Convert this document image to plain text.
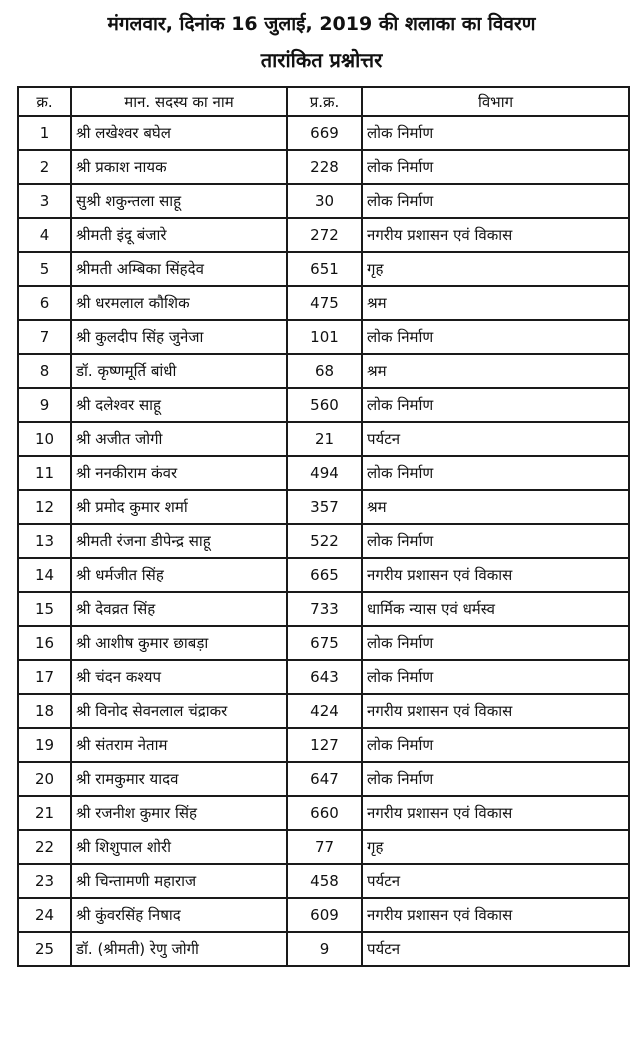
मंगलवार, दिनांक 16 जुलाई, 2019 की शलाका का विवरण
तारांकित प्रश्नोत्तर
क्र.	मान. सदस्य का नाम	प्र.क्र.	विभाग
1	श्री लखेश्वर बघेल	669	लोक निर्माण
2	श्री प्रकाश नायक	228	लोक निर्माण
3	सुश्री शकुन्तला साहू	30	लोक निर्माण
4	श्रीमती इंदू बंजारे	272	नगरीय प्रशासन एवं विकास
5	श्रीमती अम्बिका सिंहदेव	651	गृह
6	श्री धरमलाल कौशिक	475	श्रम
7	श्री कुलदीप सिंह जुनेजा	101	लोक निर्माण
8	डॉ. कृष्णमूर्ति बांधी	68	श्रम
9	श्री दलेश्वर साहू	560	लोक निर्माण
10	श्री अजीत जोगी	21	पर्यटन
11	श्री ननकीराम कंवर	494	लोक निर्माण
12	श्री प्रमोद कुमार शर्मा	357	श्रम
13	श्रीमती रंजना डीपेन्द्र साहू	522	लोक निर्माण
14	श्री धर्मजीत सिंह	665	नगरीय प्रशासन एवं विकास
15	श्री देवव्रत सिंह	733	धार्मिक न्यास एवं धर्मस्व
16	श्री आशीष कुमार छाबड़ा	675	लोक निर्माण
17	श्री चंदन कश्यप	643	लोक निर्माण
18	श्री विनोद सेवनलाल चंद्राकर	424	नगरीय प्रशासन एवं विकास
19	श्री संतराम नेताम	127	लोक निर्माण
20	श्री रामकुमार यादव	647	लोक निर्माण
21	श्री रजनीश कुमार सिंह	660	नगरीय प्रशासन एवं विकास
22	श्री शिशुपाल शोरी	77	गृह
23	श्री चिन्तामणी महाराज	458	पर्यटन
24	श्री कुंवरसिंह निषाद	609	नगरीय प्रशासन एवं विकास
25	डॉ. (श्रीमती) रेणु जोगी	9	पर्यटन
